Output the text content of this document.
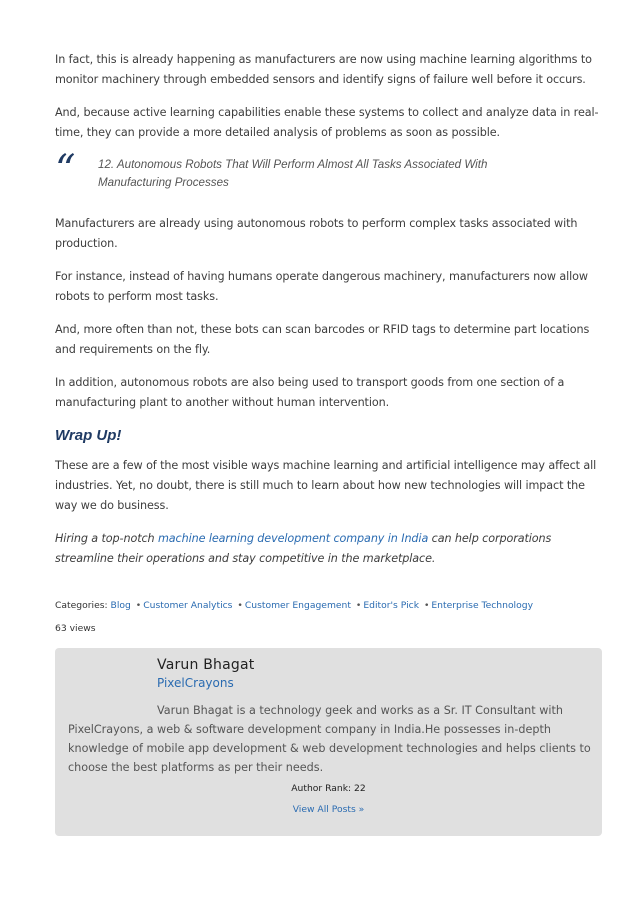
In fact, this is already happening as manufacturers are now using machine learning algorithms to monitor machinery through embedded sensors and identify signs of failure well before it occurs.

And, because active learning capabilities enable these systems to collect and analyze data in real-time, they can provide a more detailed analysis of problems as soon as possible.

“ 12. Autonomous Robots That Will Perform Almost All Tasks Associated With Manufacturing Processes

Manufacturers are already using autonomous robots to perform complex tasks associated with production.

For instance, instead of having humans operate dangerous machinery, manufacturers now allow robots to perform most tasks.

And, more often than not, these bots can scan barcodes or RFID tags to determine part locations and requirements on the fly.

In addition, autonomous robots are also being used to transport goods from one section of a manufacturing plant to another without human intervention.

Wrap Up!

These are a few of the most visible ways machine learning and artificial intelligence may affect all industries. Yet, no doubt, there is still much to learn about how new technologies will impact the way we do business.

Hiring a top-notch machine learning development company in India can help corporations streamline their operations and stay competitive in the marketplace.

Categories: Blog • Customer Analytics • Customer Engagement • Editor's Pick • Enterprise Technology
63 views
Varun Bhagat
PixelCrayons
Varun Bhagat is a technology geek and works as a Sr. IT Consultant with PixelCrayons, a web & software development company in India.He possesses in-depth knowledge of mobile app development & web development technologies and helps clients to choose the best platforms as per their needs.
Author Rank: 22
View All Posts »
